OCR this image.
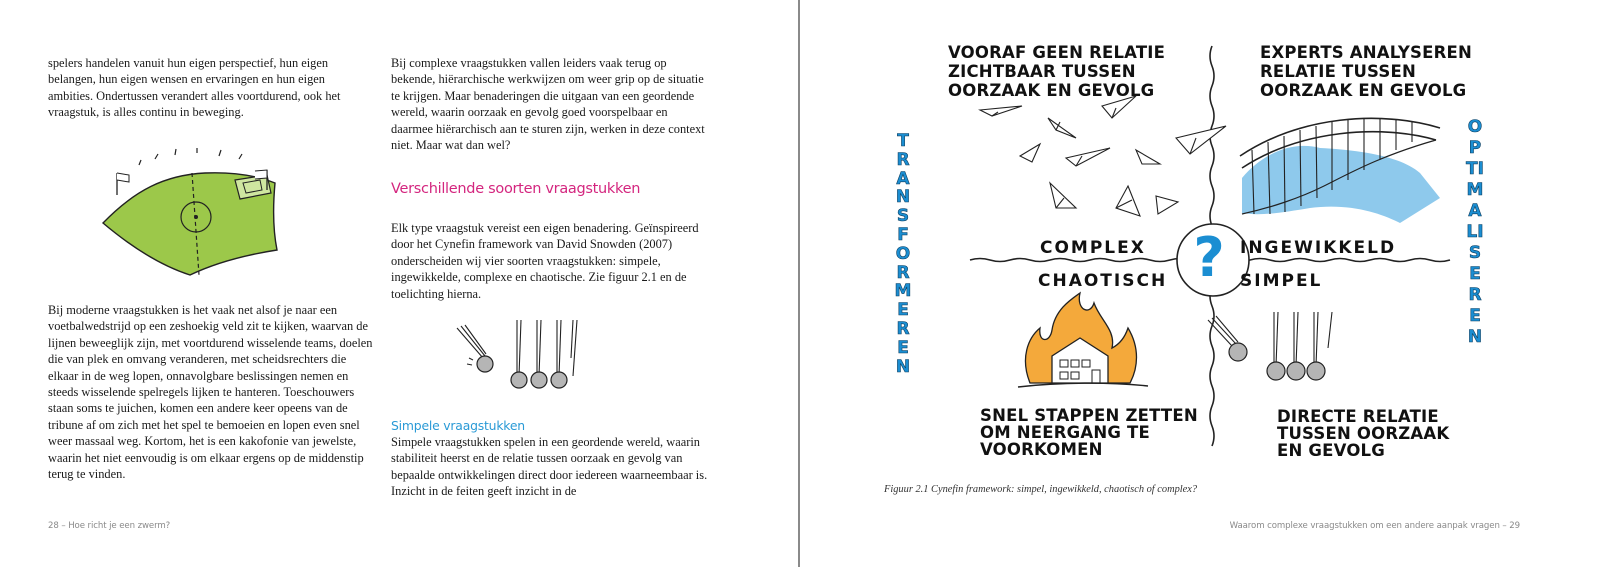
spelers handelen vanuit hun eigen perspectief, hun eigen belangen, hun eigen wensen en ervaringen en hun eigen ambities. Ondertussen verandert alles voortdurend, ook het vraagstuk, is alles continu in beweging.

Bij moderne vraagstukken is het vaak net alsof je naar een voetbalwedstrijd op een zeshoekig veld zit te kijken, waarvan de lijnen beweeglijk zijn, met voortdurend wisselende teams, doelen die van plek en omvang veranderen, met scheidsrechters die elkaar in de weg lopen, onnavolgbare beslissingen nemen en steeds wisselende spelregels lijken te hanteren. Toeschouwers staan soms te juichen, komen een andere keer opeens van de tribune af om zich met het spel te bemoeien en lopen even snel weer massaal weg. Kortom, het is een kakofonie van jewelste, waarin het niet eenvoudig is om elkaar ergens op de middenstip terug te vinden.

Bij complexe vraagstukken vallen leiders vaak terug op bekende, hiërarchische werkwijzen om weer grip op de situatie te krijgen. Maar benaderingen die uitgaan van een geordende wereld, waarin oorzaak en gevolg goed voorspelbaar en daarmee hiërarchisch aan te sturen zijn, werken in deze context niet. Maar wat dan wel?

Verschillende soorten vraagstukken

Elk type vraagstuk vereist een eigen benadering. Geïnspireerd door het Cynefin framework van David Snowden (2007) onderscheiden wij vier soorten vraagstukken: simpele, ingewikkelde, complexe en chaotische. Zie figuur 2.1 en de toelichting hierna.

Simpele vraagstukken

Simpele vraagstukken spelen in een geordende wereld, waarin stabiliteit heerst en de relatie tussen oorzaak en gevolg van bepaalde ontwikkelingen direct door iedereen waarneembaar is. Inzicht in de feiten geeft inzicht in de

28 – Hoe richt je een zwerm?
VOORAF GEEN RELATIE
ZICHTBAAR TUSSEN
OORZAAK EN GEVOLG
EXPERTS ANALYSEREN
RELATIE TUSSEN
OORZAAK EN GEVOLG
SNEL STAPPEN ZETTEN
OM NEERGANG TE
VOORKOMEN
DIRECTE RELATIE
TUSSEN OORZAAK
EN GEVOLG
COMPLEX	INGEWIKKELD
CHAOTISCH	SIMPEL
?
TRANSFORMEREN
OPTIMALISEREN
Figuur 2.1 Cynefin framework: simpel, ingewikkeld, chaotisch of complex?
Waarom complexe vraagstukken om een andere aanpak vragen – 29
